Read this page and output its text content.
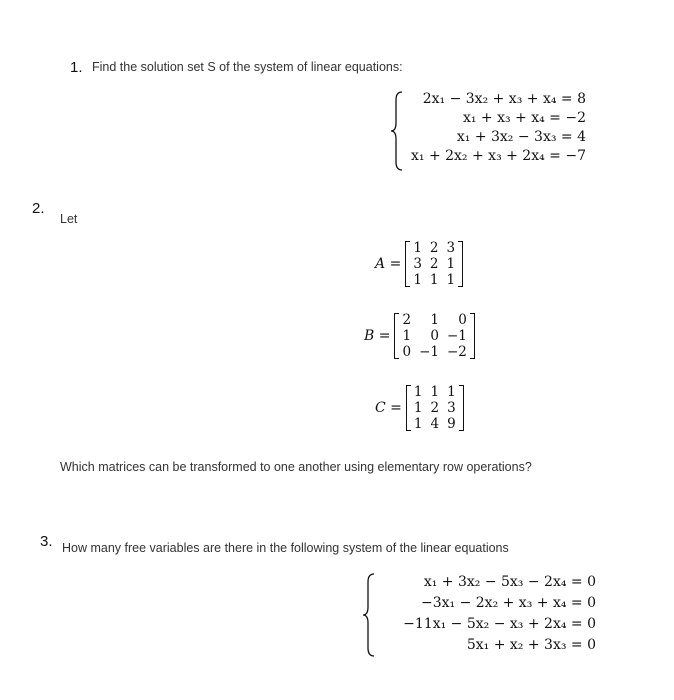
1. Find the solution set S of the system of linear equations:
2x₁ − 3x₂ + x₃ + x₄ = 8
x₁ + x₃ + x₄ = −2
x₁ + 3x₂ − 3x₃ = 4
x₁ + 2x₂ + x₃ + 2x₄ = −7
2.
Let
A =
1	2	3
3	2	1
1	1	1
B =
2	1	0
1	0	−1
0	−1	−2
C =
1	1	1
1	2	3
1	4	9
Which matrices can be transformed to one another using elementary row operations?
3. How many free variables are there in the following system of the linear equations
x₁ + 3x₂ − 5x₃ − 2x₄ = 0
−3x₁ − 2x₂ + x₃ + x₄ = 0
−11x₁ − 5x₂ − x₃ + 2x₄ = 0
5x₁ + x₂ + 3x₃ = 0
